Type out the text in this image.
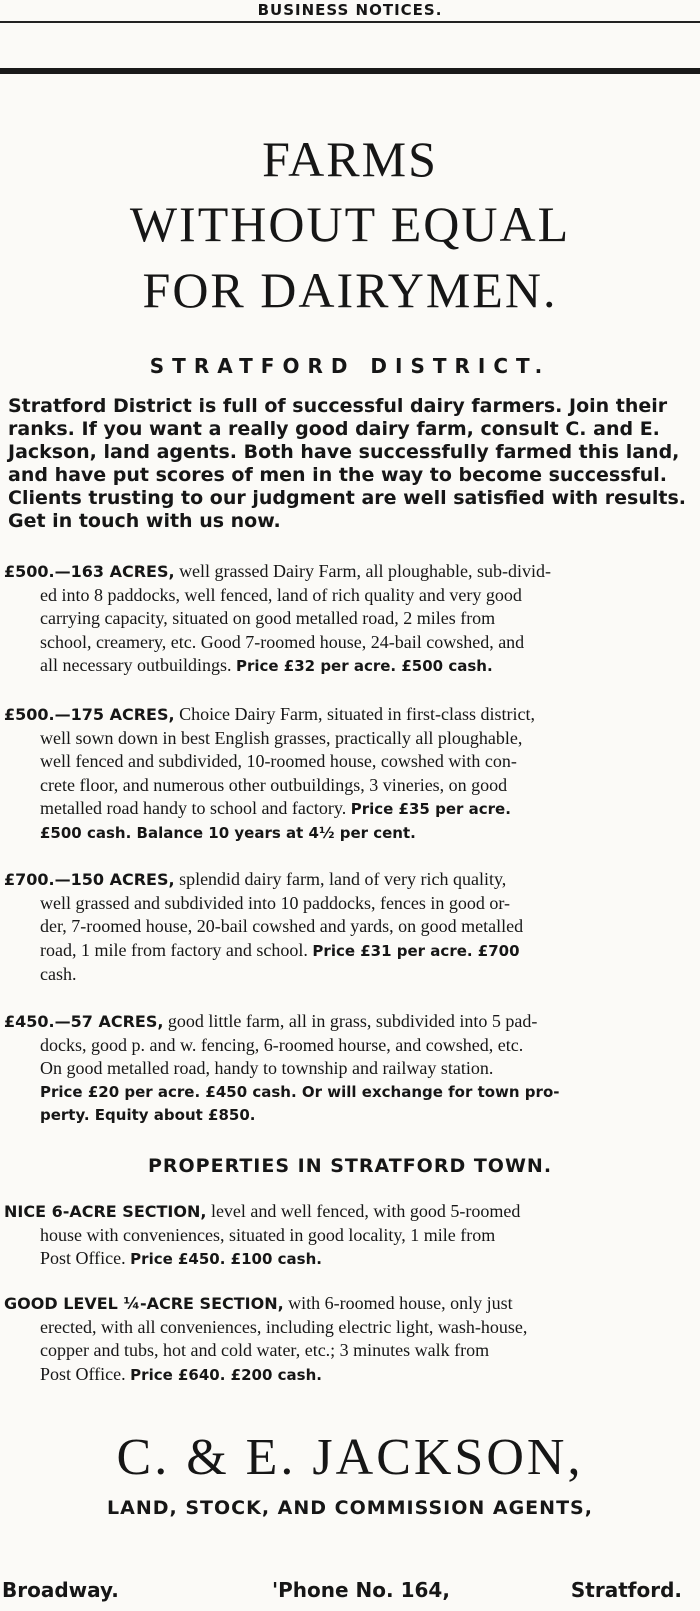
BUSINESS NOTICES.
FARMS
WITHOUT EQUAL
FOR DAIRYMEN.
STRATFORD DISTRICT.
Stratford District is full of successful dairy farmers. Join their ranks. If you want a really good dairy farm, consult C. and E. Jackson, land agents. Both have successfully farmed this land, and have put scores of men in the way to become successful. Clients trusting to our judgment are well satisfied with results. Get in touch with us now.
£500.—163 ACRES, well grassed Dairy Farm, all ploughable, sub-divid-
ed into 8 paddocks, well fenced, land of rich quality and very good
carrying capacity, situated on good metalled road, 2 miles from
school, creamery, etc. Good 7-roomed house, 24-bail cowshed, and
all necessary outbuildings. Price £32 per acre. £500 cash.
£500.—175 ACRES, Choice Dairy Farm, situated in first-class district,
well sown down in best English grasses, practically all ploughable,
well fenced and subdivided, 10-roomed house, cowshed with con-
crete floor, and numerous other outbuildings, 3 vineries, on good
metalled road handy to school and factory. Price £35 per acre.
£500 cash. Balance 10 years at 4½ per cent.
£700.—150 ACRES, splendid dairy farm, land of very rich quality,
well grassed and subdivided into 10 paddocks, fences in good or-
der, 7-roomed house, 20-bail cowshed and yards, on good metalled
road, 1 mile from factory and school. Price £31 per acre. £700
cash.
£450.—57 ACRES, good little farm, all in grass, subdivided into 5 pad-
docks, good p. and w. fencing, 6-roomed hourse, and cowshed, etc.
On good metalled road, handy to township and railway station.
Price £20 per acre. £450 cash. Or will exchange for town pro-
perty. Equity about £850.
PROPERTIES IN STRATFORD TOWN.
NICE 6-ACRE SECTION, level and well fenced, with good 5-roomed
house with conveniences, situated in good locality, 1 mile from
Post Office. Price £450. £100 cash.
GOOD LEVEL ¼-ACRE SECTION, with 6-roomed house, only just
erected, with all conveniences, including electric light, wash-house,
copper and tubs, hot and cold water, etc.; 3 minutes walk from
Post Office. Price £640. £200 cash.
C. & E. JACKSON,
LAND, STOCK, AND COMMISSION AGENTS,
Broadway.	'Phone No. 164,	Stratford.
